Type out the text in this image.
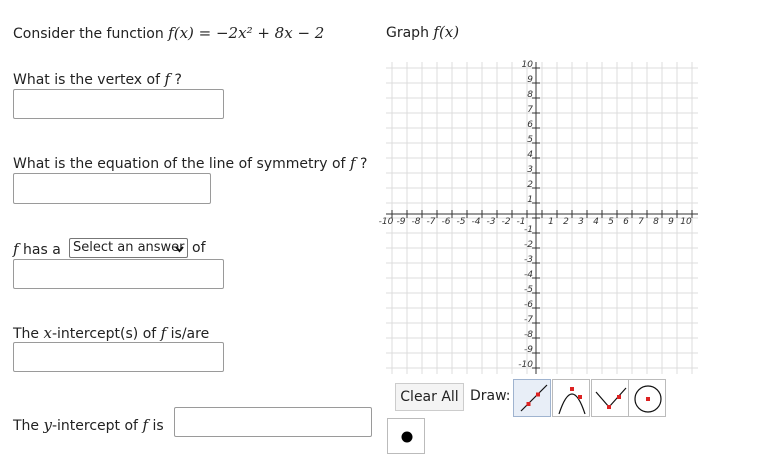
Consider the function f(x) = −2x² + 8x − 2	Graph f(x)
What is the vertex of f ?
What is the equation of the line of symmetry of f ?
f has a Select an answer of
The x-intercept(s) of f is/are
The y-intercept of f is
-10 -9 -8 -7 -6 -5 -4 -3 -2 -1	1 2 3 4 5 6 7 8 9 10
10
9
8
7
6
5
4
3
2
1
-1
-2
-3
-4
-5
-6
-7
-8
-9
-10
Clear All Draw:
